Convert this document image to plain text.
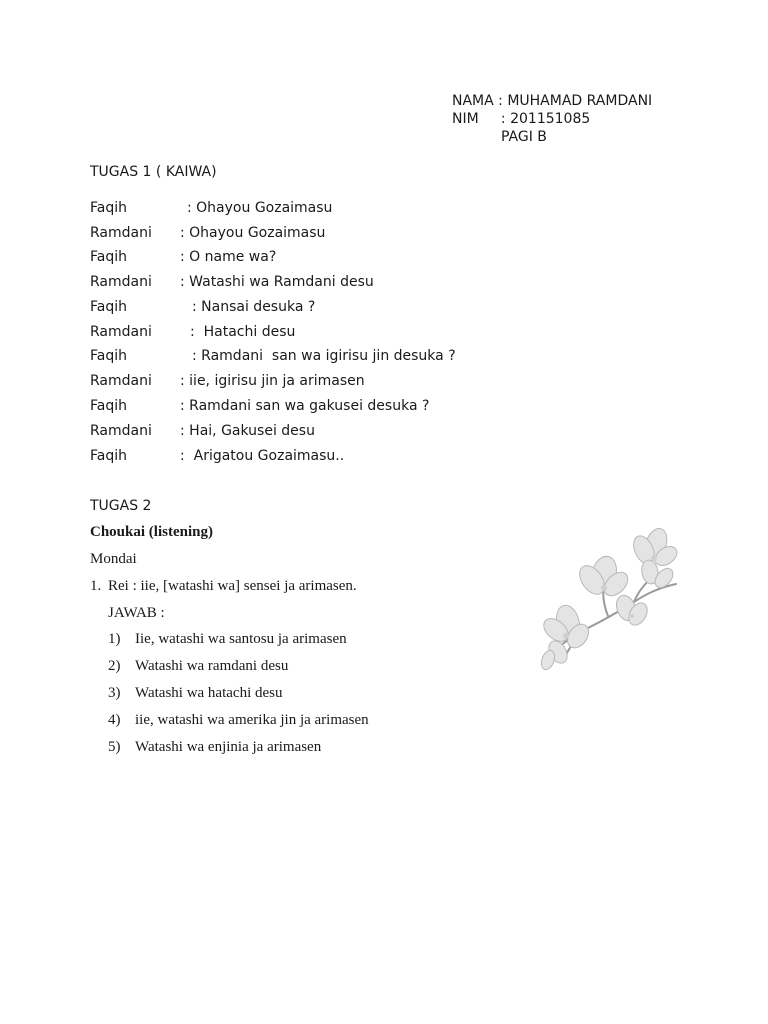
NAMA : MUHAMAD RAMDANI
NIM     : 201151085
PAGI B
TUGAS 1 ( KAIWA)
Faqih	: Ohayou Gozaimasu
Ramdani : Ohayou Gozaimasu
Faqih	: O name wa?
Ramdani : Watashi wa Ramdani desu
Faqih	: Nansai desuka ?
Ramdani	:  Hatachi desu
Faqih	: Ramdani  san wa igirisu jin desuka ?
Ramdani : iie, igirisu jin ja arimasen
Faqih	: Ramdani san wa gakusei desuka ?
Ramdani : Hai, Gakusei desu
Faqih	:  Arigatou Gozaimasu..
TUGAS 2
Choukai (listening)
Mondai
1. Rei : iie, [watashi wa] sensei ja arimasen.
JAWAB :
1) Iie, watashi wa santosu ja arimasen
2) Watashi wa ramdani desu
3) Watashi wa hatachi desu
4) iie, watashi wa amerika jin ja arimasen
5) Watashi wa enjinia ja arimasen
